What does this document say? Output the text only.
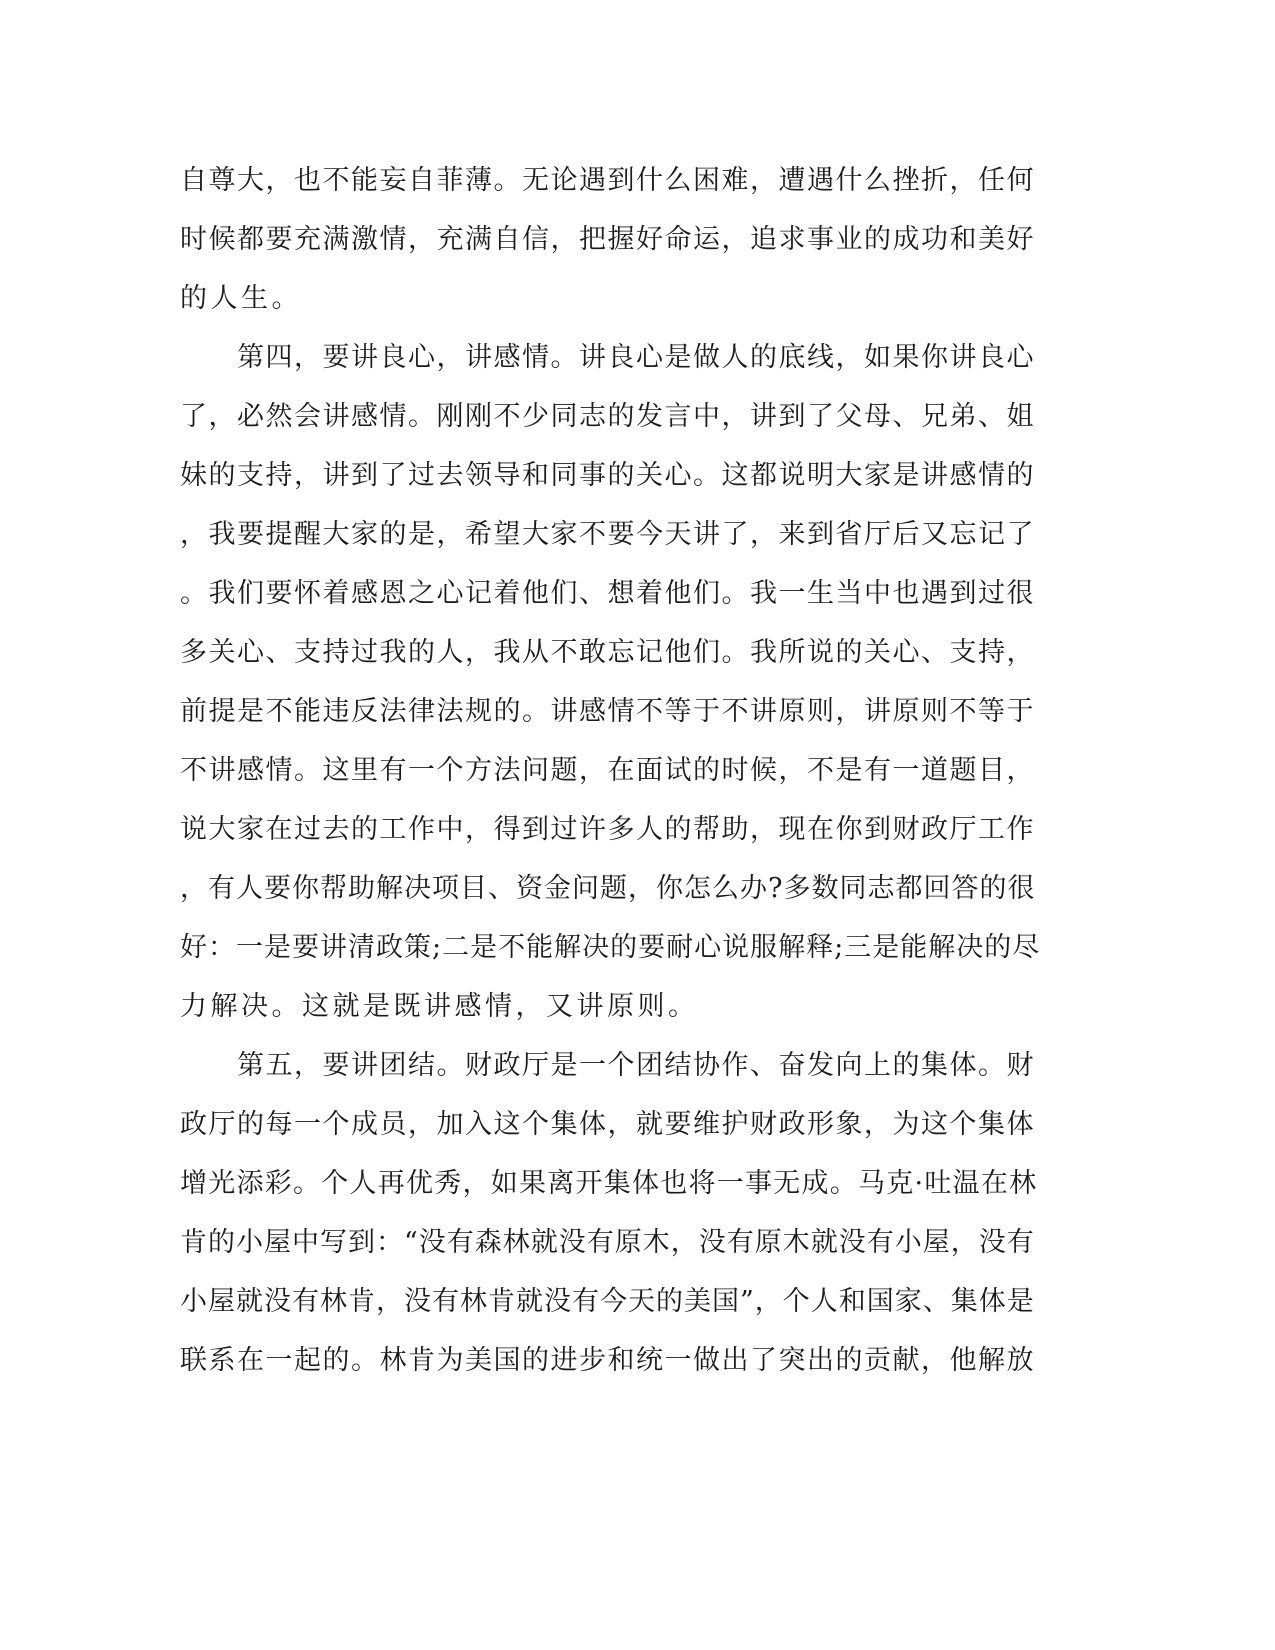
自尊大，也不能妄自菲薄。无论遇到什么困难，遭遇什么挫折，任何
时候都要充满激情，充满自信，把握好命运，追求事业的成功和美好
的人生。
　　第四，要讲良心，讲感情。讲良心是做人的底线，如果你讲良心
了，必然会讲感情。刚刚不少同志的发言中，讲到了父母、兄弟、姐
妹的支持，讲到了过去领导和同事的关心。这都说明大家是讲感情的
，我要提醒大家的是，希望大家不要今天讲了，来到省厅后又忘记了
。我们要怀着感恩之心记着他们、想着他们。我一生当中也遇到过很
多关心、支持过我的人，我从不敢忘记他们。我所说的关心、支持，
前提是不能违反法律法规的。讲感情不等于不讲原则，讲原则不等于
不讲感情。这里有一个方法问题，在面试的时候，不是有一道题目，
说大家在过去的工作中，得到过许多人的帮助，现在你到财政厅工作
，有人要你帮助解决项目、资金问题，你怎么办?多数同志都回答的很
好：一是要讲清政策;二是不能解决的要耐心说服解释;三是能解决的尽
力解决。这就是既讲感情，又讲原则。
　　第五，要讲团结。财政厅是一个团结协作、奋发向上的集体。财
政厅的每一个成员，加入这个集体，就要维护财政形象，为这个集体
增光添彩。个人再优秀，如果离开集体也将一事无成。马克·吐温在林
肯的小屋中写到：“没有森林就没有原木，没有原木就没有小屋，没有
小屋就没有林肯，没有林肯就没有今天的美国”，个人和国家、集体是
联系在一起的。林肯为美国的进步和统一做出了突出的贡献，他解放
